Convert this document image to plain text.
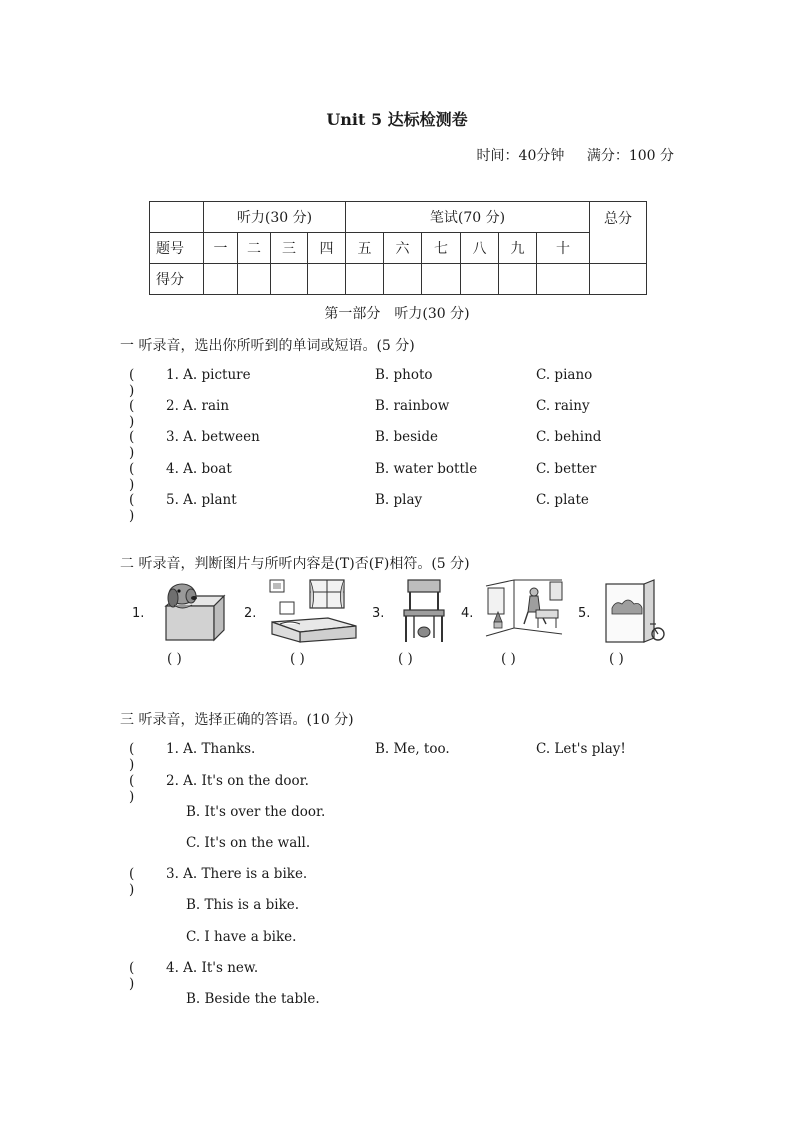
Unit 5 达标检测卷
时间：40分钟 满分：100 分
	听力(30 分)				笔试(70 分)						总分
题号	一	二	三	四	五	六	七	八	九	十	
得分											
第一部分　听力(30 分)
一 听录音，选出你所听到的单词或短语。(5 分)
( )
1. A. picture	B. photo	C. piano
( )
2. A. rain	B. rainbow	C. rainy
( )
3. A. between	B. beside	C. behind
( )
4. A. boat	B. water bottle	C. better
( )
5. A. plant	B. play	C. plate
二 听录音，判断图片与所听内容是(T)否(F)相符。(5 分)
1.
( )
2.
( )
3.
( )
4.
( )
5.
( )
三 听录音，选择正确的答语。(10 分)
( )
1. A. Thanks.	B. Me, too.	C. Let's play!
( )
2. A. It's on the door.
B. It's over the door.
C. It's on the wall.
( )
3. A. There is a bike.
B. This is a bike.
C. I have a bike.
( )
4. A. It's new.
B. Beside the table.
